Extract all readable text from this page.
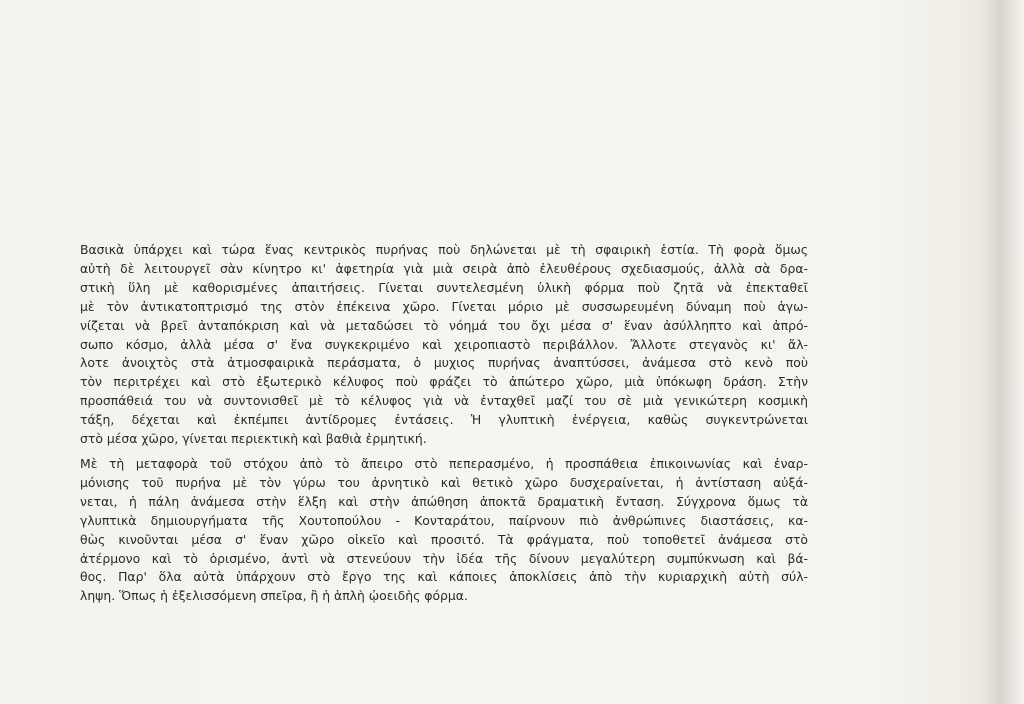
Βασικὰ ὑπάρχει καὶ τώρα ἕνας κεντρικὸς πυρήνας ποὺ δηλώνεται μὲ τὴ σφαιρικὴ ἑστία. Τὴ φορὰ ὅμως
αὐτὴ δὲ λειτουργεῖ σὰν κίνητρο κι' ἀφετηρία γιὰ μιὰ σειρὰ ἀπὸ ἐλευθέρους σχεδιασμούς, ἀλλὰ σὰ δρα-
στικὴ ὕλη μὲ καθορισμένες ἀπαιτήσεις. Γίνεται συντελεσμένη ὑλικὴ φόρμα ποὺ ζητᾶ νὰ ἐπεκταθεῖ
μὲ τὸν ἀντικατοπτρισμό της στὸν ἐπέκεινα χῶρο. Γίνεται μόριο μὲ συσσωρευμένη δύναμη ποὺ ἀγω-
νίζεται νὰ βρεῖ ἀνταπόκριση καὶ νὰ μεταδώσει τὸ νόημά του ὄχι μέσα σ' ἕναν ἀσύλληπτο καὶ ἀπρό-
σωπο κόσμο, ἀλλὰ μέσα σ' ἕνα συγκεκριμένο καὶ χειροπιαστὸ περιβάλλον. Ἄλλοτε στεγανὸς κι' ἄλ-
λοτε ἀνοιχτὸς στὰ ἀτμοσφαιρικὰ περάσματα, ὁ μυχιος πυρήνας ἀναπτύσσει, ἀνάμεσα στὸ κενὸ ποὺ
τὸν περιτρέχει καὶ στὸ ἐξωτερικὸ κέλυφος ποὺ φράζει τὸ ἀπώτερο χῶρο, μιὰ ὑπόκωφη δράση. Στὴν
προσπάθειά του νὰ συντονισθεῖ μὲ τὸ κέλυφος γιὰ νὰ ἐνταχθεῖ μαζί του σὲ μιὰ γενικώτερη κοσμικὴ
τάξη, δέχεται καὶ ἐκπέμπει ἀντίδρομες ἐντάσεις. Ἡ γλυπτικὴ ἐνέργεια, καθὼς συγκεντρώνεται
στὸ μέσα χῶρο, γίνεται περιεκτικὴ καὶ βαθιὰ ἐρμητική.

Μὲ τὴ μεταφορὰ τοῦ στόχου ἀπὸ τὸ ἄπειρο στὸ πεπερασμένο, ἡ προσπάθεια ἐπικοινωνίας καὶ ἐναρ-
μόνισης τοῦ πυρήνα μὲ τὸν γύρω του ἀρνητικὸ καὶ θετικὸ χῶρο δυσχεραίνεται, ἡ ἀντίσταση αὐξά-
νεται, ἡ πάλη ἀνάμεσα στὴν ἕλξη καὶ στὴν ἀπώθηση ἀποκτᾶ δραματικὴ ἔνταση. Σύγχρονα ὅμως τὰ
γλυπτικὰ δημιουργήματα τῆς Χουτοπούλου - Κονταράτου, παίρνουν πιὸ ἀνθρώπινες διαστάσεις, κα-
θὼς κινοῦνται μέσα σ' ἕναν χῶρο οἰκεῖο καὶ προσιτό. Τὰ φράγματα, ποὺ τοποθετεῖ ἀνάμεσα στὸ
ἀτέρμονο καὶ τὸ ὁρισμένο, ἀντὶ νὰ στενεύουν τὴν ἰδέα τῆς δίνουν μεγαλύτερη συμπύκνωση καὶ βά-
θος. Παρ' ὅλα αὐτὰ ὑπάρχουν στὸ ἔργο της καὶ κάποιες ἀποκλίσεις ἀπὸ τὴν κυριαρχικὴ αὐτὴ σύλ-
ληψη. Ὅπως ἡ ἐξελισσόμενη σπεῖρα, ἢ ἡ ἁπλὴ ᾠοειδὴς φόρμα.
